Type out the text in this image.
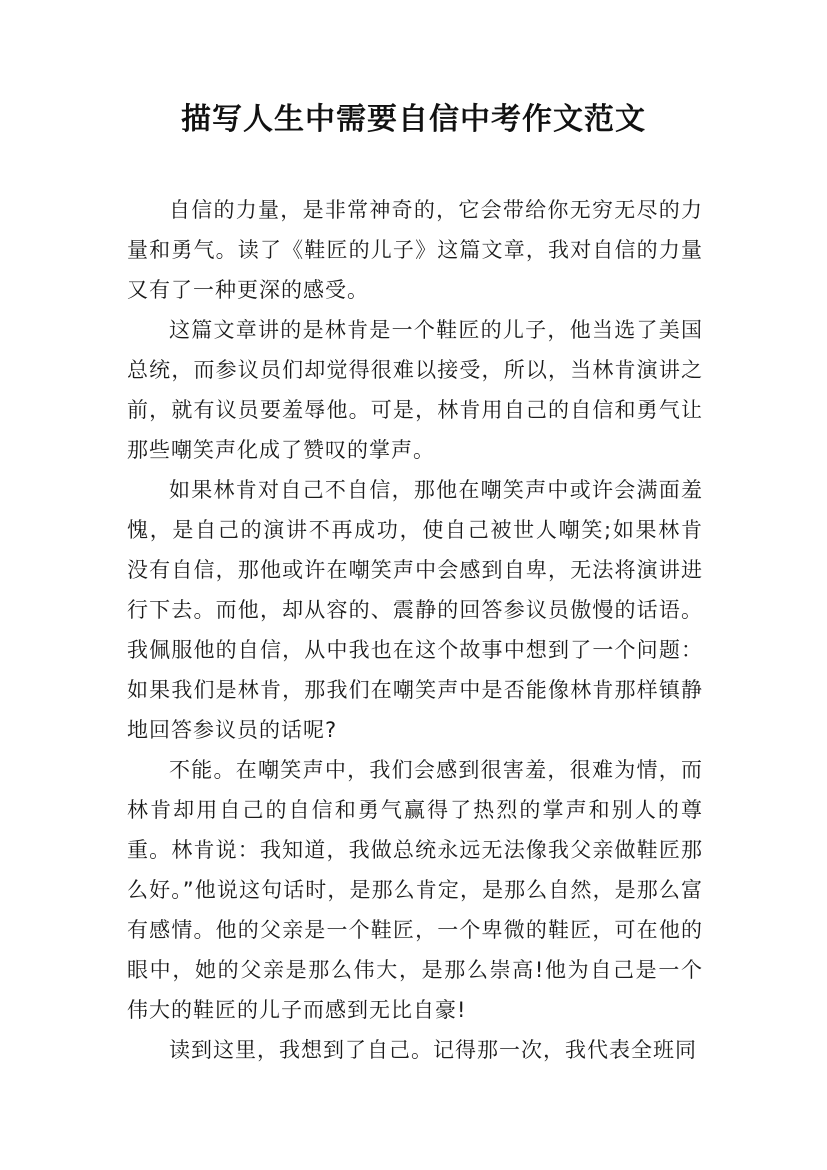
描写人生中需要自信中考作文范文

自信的力量，是非常神奇的，它会带给你无穷无尽的力量和勇气。读了《鞋匠的儿子》这篇文章，我对自信的力量又有了一种更深的感受。

这篇文章讲的是林肯是一个鞋匠的儿子，他当选了美国总统，而参议员们却觉得很难以接受，所以，当林肯演讲之前，就有议员要羞辱他。可是，林肯用自己的自信和勇气让那些嘲笑声化成了赞叹的掌声。

如果林肯对自己不自信，那他在嘲笑声中或许会满面羞愧，是自己的演讲不再成功，使自己被世人嘲笑;如果林肯没有自信，那他或许在嘲笑声中会感到自卑，无法将演讲进行下去。而他，却从容的、震静的回答参议员傲慢的话语。我佩服他的自信，从中我也在这个故事中想到了一个问题：如果我们是林肯，那我们在嘲笑声中是否能像林肯那样镇静地回答参议员的话呢?

不能。在嘲笑声中，我们会感到很害羞，很难为情，而林肯却用自己的自信和勇气赢得了热烈的掌声和别人的尊重。林肯说：我知道，我做总统永远无法像我父亲做鞋匠那么好。”他说这句话时，是那么肯定，是那么自然，是那么富有感情。他的父亲是一个鞋匠，一个卑微的鞋匠，可在他的眼中，她的父亲是那么伟大，是那么崇高!他为自己是一个伟大的鞋匠的儿子而感到无比自豪!

读到这里，我想到了自己。记得那一次，我代表全班同
